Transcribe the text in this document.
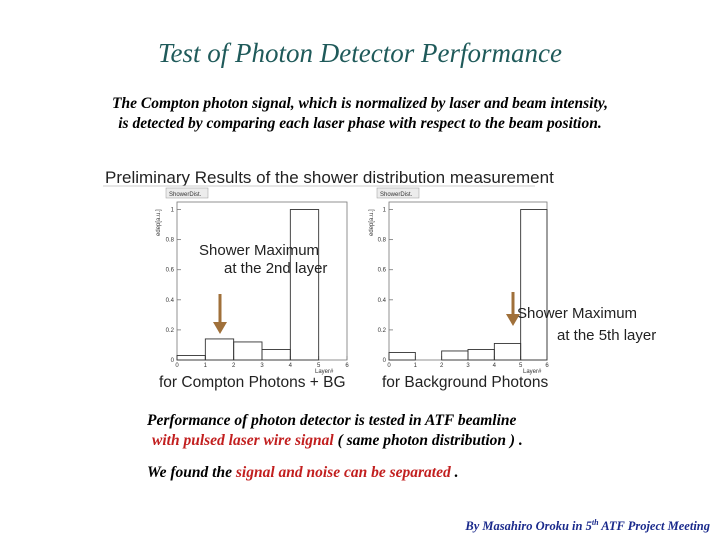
Test of Photon Detector Performance
The Compton photon signal, which is normalized by laser and beam intensity,
is detected by comparing each laser phase with respect to the beam position.
Preliminary Results of the shower distribution measurement
ShowerDist.
edep[a.u.]
0
0.2
0.4
0.6
0.8
1
0	1	2	3	4	5	6
Layer#
Shower Maximum
at the 2nd layer
for Compton Photons + BG
ShowerDist.
edep[a.u.]
0
0.2
0.4
0.6
0.8
1
0	1	2	3	4	5	6
Layer#
Shower Maximum
at the 5th layer
for Background Photons
Performance of photon detector is tested in ATF beamline
with pulsed laser wire signal ( same photon distribution ) .
We found the signal and noise can be separated .
By Masahiro Oroku in 5th ATF Project Meeting
